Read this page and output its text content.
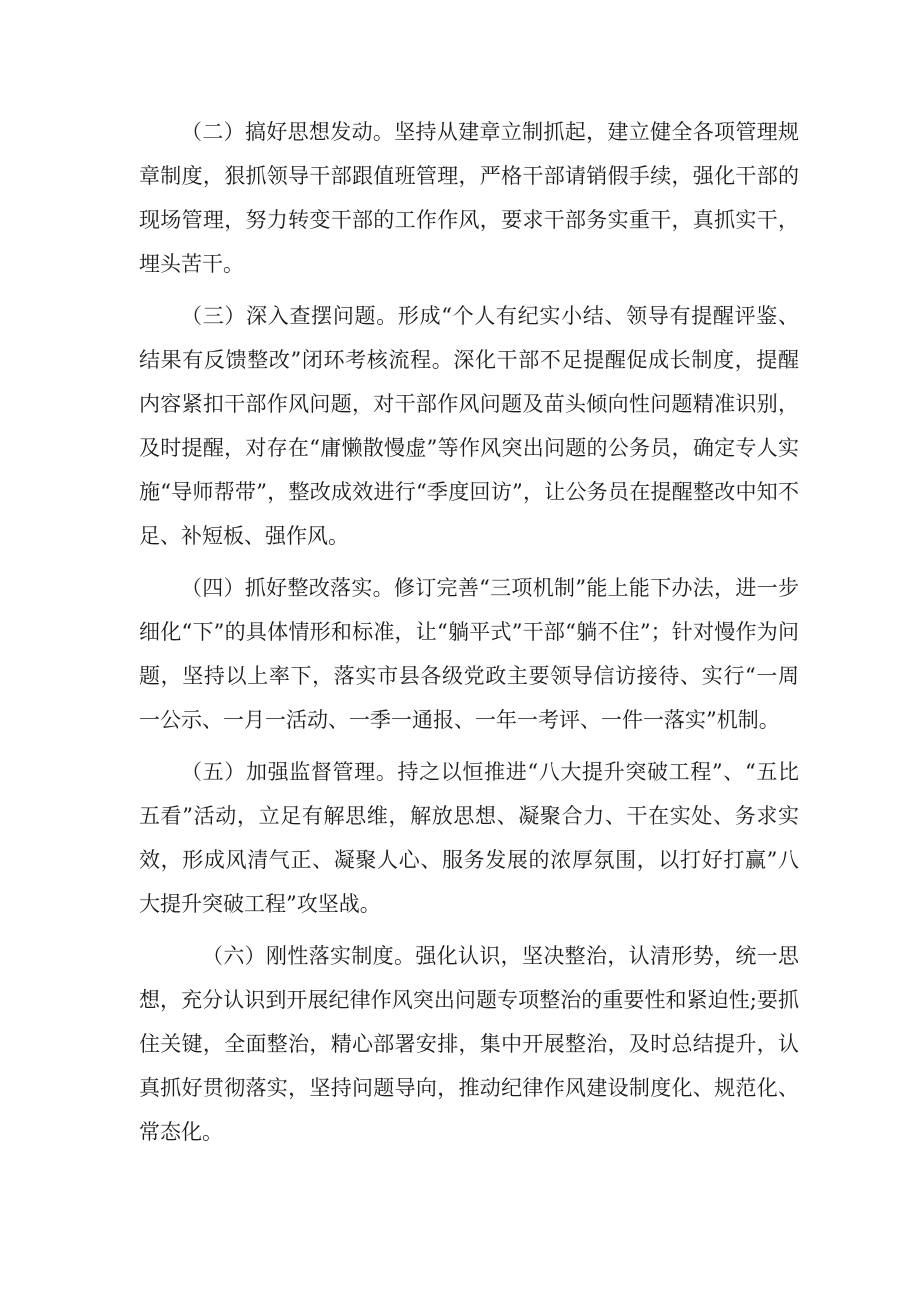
（二）搞好思想发动。坚持从建章立制抓起，建立健全各项管理规章制度，狠抓领导干部跟值班管理，严格干部请销假手续，强化干部的现场管理，努力转变干部的工作作风，要求干部务实重干，真抓实干，埋头苦干。

（三）深入查摆问题。形成“个人有纪实小结、领导有提醒评鉴、结果有反馈整改”闭环考核流程。深化干部不足提醒促成长制度，提醒内容紧扣干部作风问题，对干部作风问题及苗头倾向性问题精准识别，及时提醒，对存在“庸懒散慢虚”等作风突出问题的公务员，确定专人实施“导师帮带”，整改成效进行“季度回访”，让公务员在提醒整改中知不足、补短板、强作风。

（四）抓好整改落实。修订完善“三项机制”能上能下办法，进一步细化“下”的具体情形和标准，让“躺平式”干部“躺不住”；针对慢作为问题，坚持以上率下，落实市县各级党政主要领导信访接待、实行“一周一公示、一月一活动、一季一通报、一年一考评、一件一落实”机制。

（五）加强监督管理。持之以恒推进“八大提升突破工程”、“五比五看”活动，立足有解思维，解放思想、凝聚合力、干在实处、务求实效，形成风清气正、凝聚人心、服务发展的浓厚氛围，以打好打赢”八大提升突破工程”攻坚战。

（六）刚性落实制度。强化认识，坚决整治，认清形势，统一思想，充分认识到开展纪律作风突出问题专项整治的重要性和紧迫性;要抓住关键，全面整治，精心部署安排，集中开展整治，及时总结提升，认真抓好贯彻落实，坚持问题导向，推动纪律作风建设制度化、规范化、常态化。
